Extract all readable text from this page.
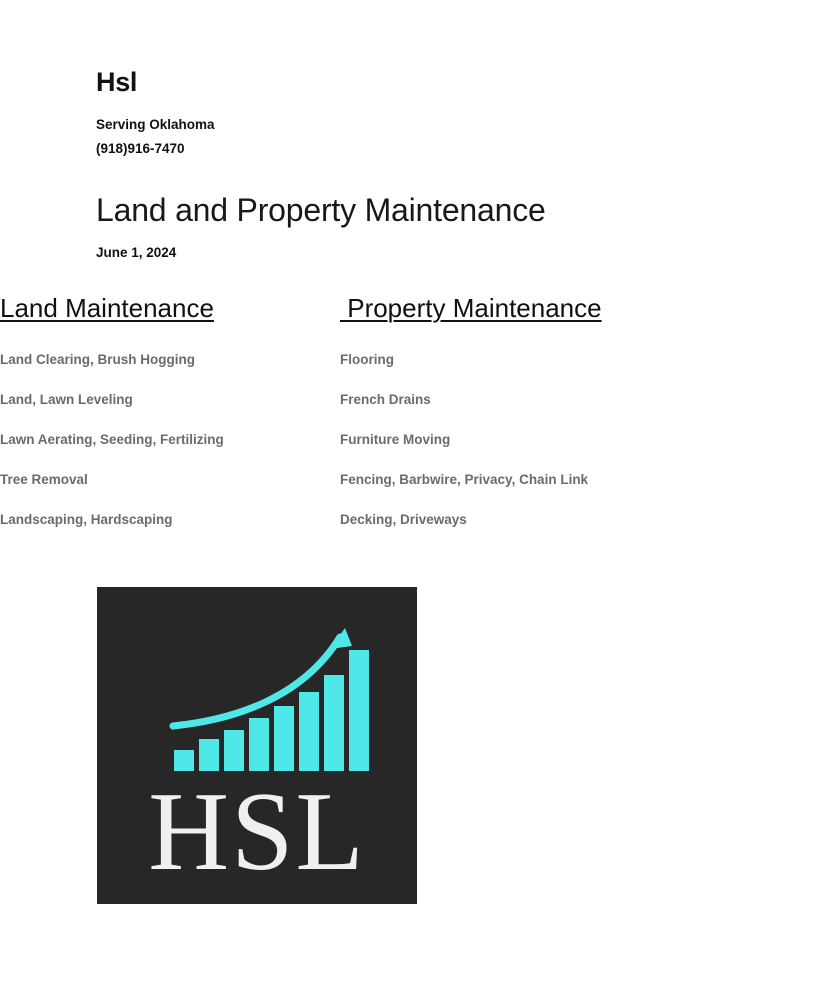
Hsl

Serving Oklahoma

(918)916-7470

Land and Property Maintenance

June 1, 2024

Land Maintenance
Land Clearing, Brush Hogging
Land, Lawn Leveling
Lawn Aerating, Seeding, Fertilizing
Tree Removal
Landscaping, Hardscaping
Property Maintenance
Flooring
French Drains
Furniture Moving
Fencing, Barbwire, Privacy, Chain Link
Decking, Driveways
HSL
